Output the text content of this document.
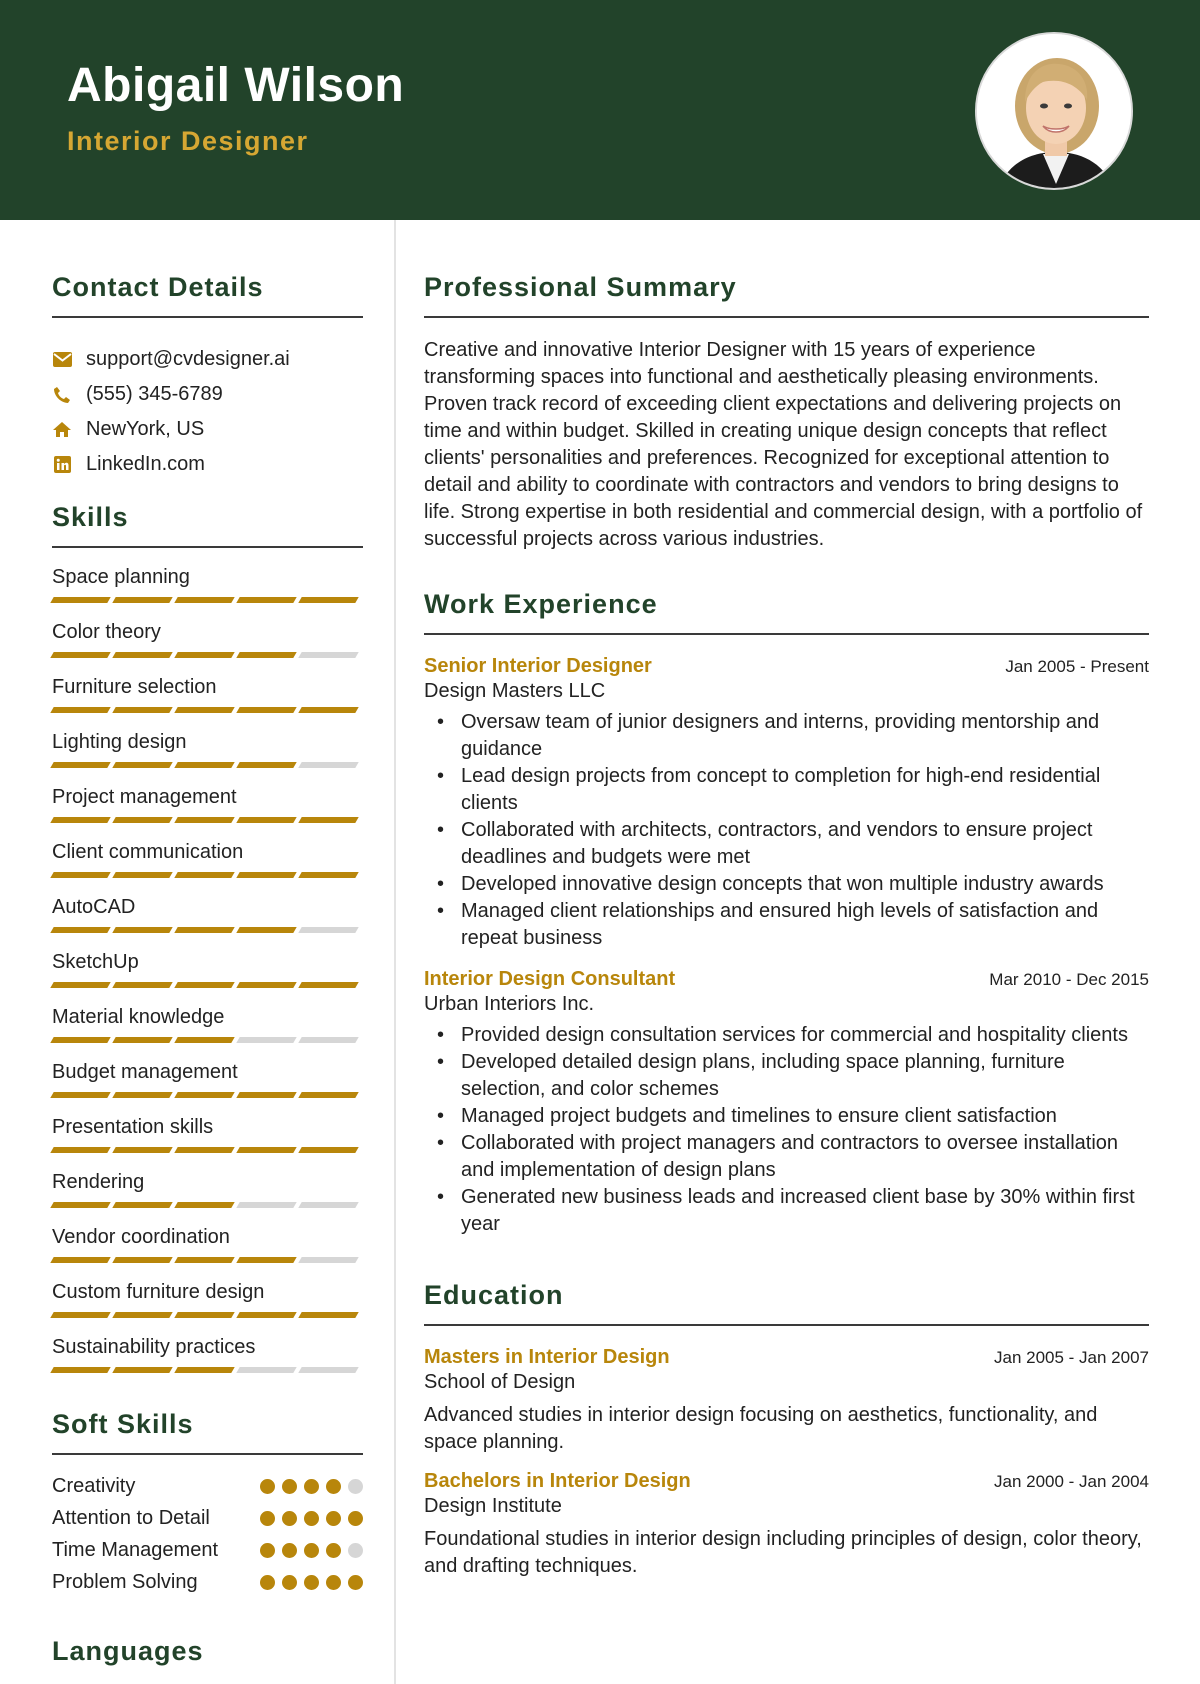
Abigail Wilson
Interior Designer
Contact Details
support@cvdesigner.ai
(555) 345-6789
NewYork, US
LinkedIn.com
Skills
Space planning
Color theory
Furniture selection
Lighting design
Project management
Client communication
AutoCAD
SketchUp
Material knowledge
Budget management
Presentation skills
Rendering
Vendor coordination
Custom furniture design
Sustainability practices
Soft Skills
Creativity
Attention to Detail
Time Management
Problem Solving
Languages
Professional Summary

Creative and innovative Interior Designer with 15 years of experience transforming spaces into functional and aesthetically pleasing environments. Proven track record of exceeding client expectations and delivering projects on time and within budget. Skilled in creating unique design concepts that reflect clients' personalities and preferences. Recognized for exceptional attention to detail and ability to coordinate with contractors and vendors to bring designs to life. Strong expertise in both residential and commercial design, with a portfolio of successful projects across various industries.

Work Experience
Senior Interior Designer	Jan 2005 - Present
Design Masters LLC
• Oversaw team of junior designers and interns, providing mentorship and guidance
• Lead design projects from concept to completion for high-end residential clients
• Collaborated with architects, contractors, and vendors to ensure project deadlines and budgets were met
• Developed innovative design concepts that won multiple industry awards
• Managed client relationships and ensured high levels of satisfaction and repeat business
Interior Design Consultant	Mar 2010 - Dec 2015
Urban Interiors Inc.
• Provided design consultation services for commercial and hospitality clients
• Developed detailed design plans, including space planning, furniture selection, and color schemes
• Managed project budgets and timelines to ensure client satisfaction
• Collaborated with project managers and contractors to oversee installation and implementation of design plans
• Generated new business leads and increased client base by 30% within first year
Education
Masters in Interior Design	Jan 2005 - Jan 2007
School of Design

Advanced studies in interior design focusing on aesthetics, functionality, and space planning.

Bachelors in Interior Design	Jan 2000 - Jan 2004
Design Institute

Foundational studies in interior design including principles of design, color theory, and drafting techniques.
